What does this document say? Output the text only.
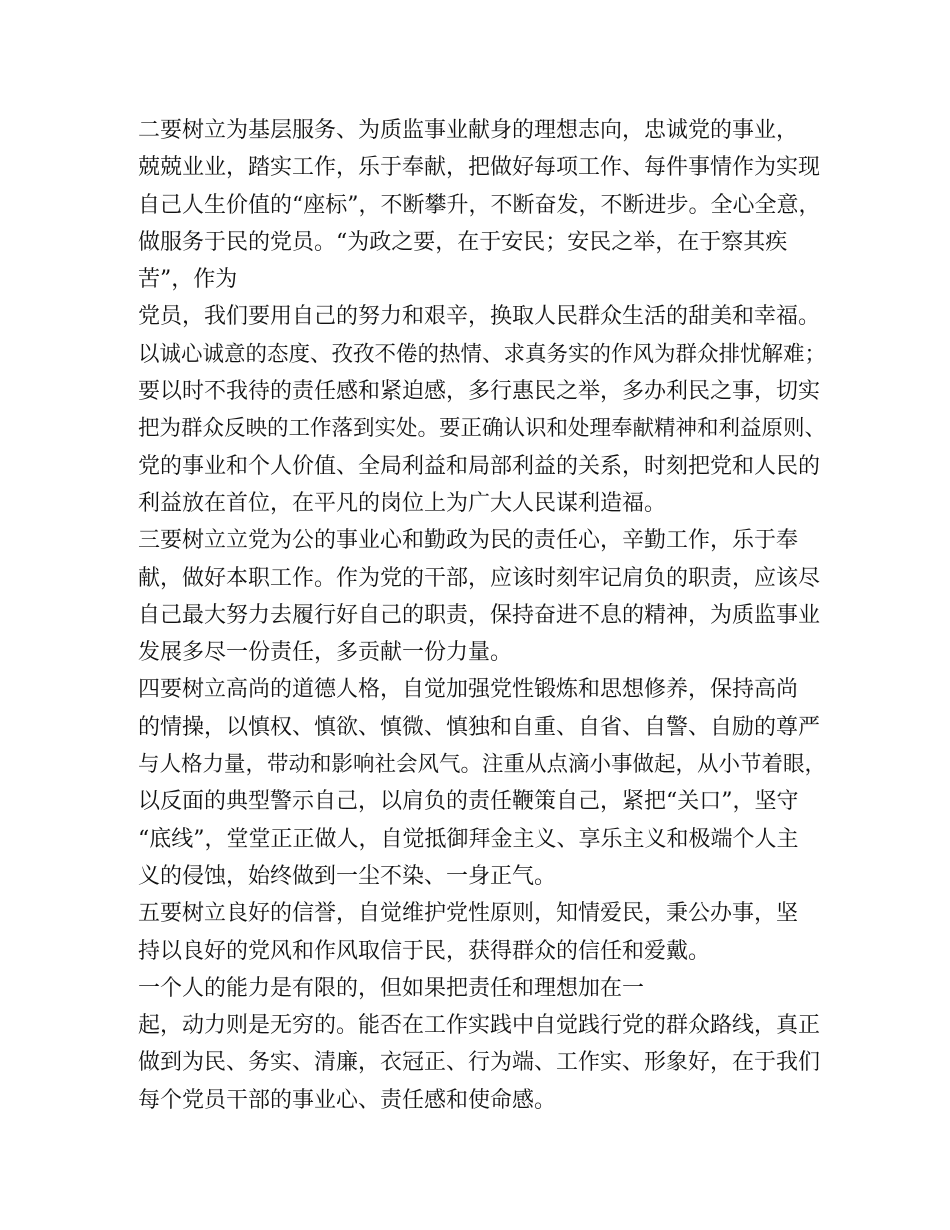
二要树立为基层服务、为质监事业献身的理想志向，忠诚党的事业，
兢兢业业，踏实工作，乐于奉献，把做好每项工作、每件事情作为实现
自己人生价值的“座标”，不断攀升，不断奋发，不断进步。全心全意，
做服务于民的党员。“为政之要，在于安民；安民之举，在于察其疾
苦”，作为
党员，我们要用自己的努力和艰辛，换取人民群众生活的甜美和幸福。
以诚心诚意的态度、孜孜不倦的热情、求真务实的作风为群众排忧解难；
要以时不我待的责任感和紧迫感，多行惠民之举，多办利民之事，切实
把为群众反映的工作落到实处。要正确认识和处理奉献精神和利益原则、
党的事业和个人价值、全局利益和局部利益的关系，时刻把党和人民的
利益放在首位，在平凡的岗位上为广大人民谋利造福。
三要树立立党为公的事业心和勤政为民的责任心，辛勤工作，乐于奉
献，做好本职工作。作为党的干部，应该时刻牢记肩负的职责，应该尽
自己最大努力去履行好自己的职责，保持奋进不息的精神，为质监事业
发展多尽一份责任，多贡献一份力量。
四要树立高尚的道德人格，自觉加强党性锻炼和思想修养，保持高尚
的情操，以慎权、慎欲、慎微、慎独和自重、自省、自警、自励的尊严
与人格力量，带动和影响社会风气。注重从点滴小事做起，从小节着眼，
以反面的典型警示自己，以肩负的责任鞭策自己，紧把“关口”，坚守
“底线”，堂堂正正做人，自觉抵御拜金主义、享乐主义和极端个人主
义的侵蚀，始终做到一尘不染、一身正气。
五要树立良好的信誉，自觉维护党性原则，知情爱民，秉公办事，坚
持以良好的党风和作风取信于民，获得群众的信任和爱戴。
一个人的能力是有限的，但如果把责任和理想加在一
起，动力则是无穷的。能否在工作实践中自觉践行党的群众路线，真正
做到为民、务实、清廉，衣冠正、行为端、工作实、形象好，在于我们
每个党员干部的事业心、责任感和使命感。
